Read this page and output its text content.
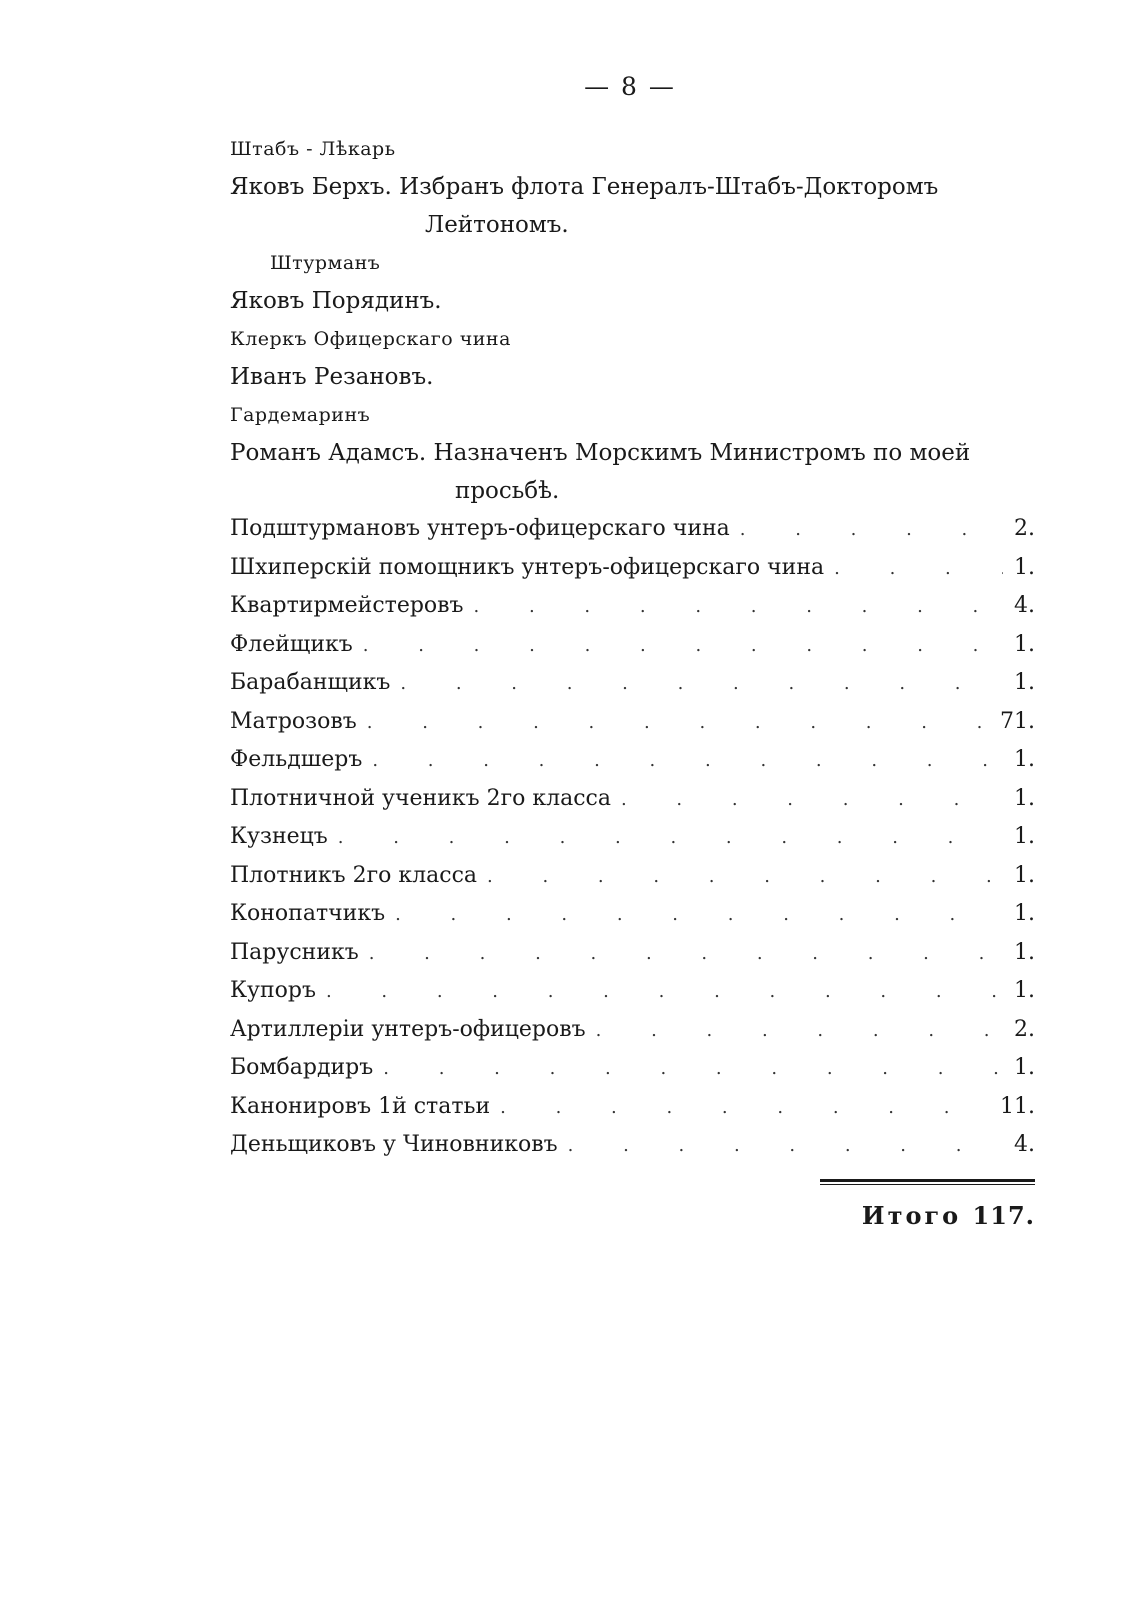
— 8 —
Штабъ - Лѣкарь
Яковъ Берхъ. Избранъ флота Генералъ-Штабъ-Докторомъ
Лейтономъ.
Штурманъ
Яковъ Порядинъ.
Клеркъ Офицерскаго чина
Иванъ Резановъ.
Гардемаринъ
Романъ Адамсъ. Назначенъ Морскимъ Министромъ по моей
просьбѣ.
Подштурмановъ унтеръ-офицерскаго чина . . .	2.
Шхиперскій помощникъ унтеръ-офицерскаго чина . . .	1.
Квартирмейстеровъ . . .	4.
Флейщикъ . . .	1.
Барабанщикъ . . .	1.
Матрозовъ . . .	71.
Фельдшеръ . . .	1.
Плотничной ученикъ 2го класса . . .	1.
Кузнецъ . . .	1.
Плотникъ 2го класса . . .	1.
Конопатчикъ . . .	1.
Парусникъ . . .	1.
Купоръ . . .	1.
Артиллеріи унтеръ-офицеровъ . . .	2.
Бомбардиръ . . .	1.
Канонировъ 1й статьи . . .	11.
Деньщиковъ у Чиновниковъ . . .	4.
Итого 117.
